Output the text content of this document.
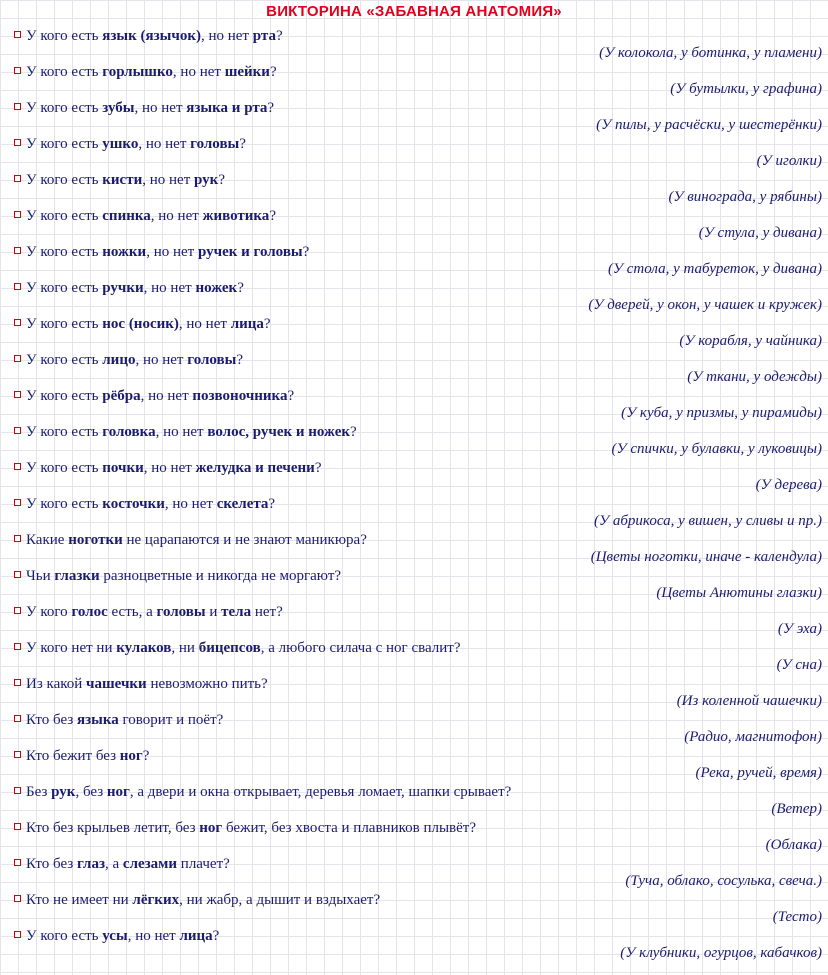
ВИКТОРИНА «ЗАБАВНАЯ АНАТОМИЯ»
У кого есть язык (язычок), но нет рта?
(У колокола, у ботинка, у пламени)
У кого есть горлышко, но нет шейки?
(У бутылки, у графина)
У кого есть зубы, но нет языка и рта?
(У пилы, у расчёски, у шестерёнки)
У кого есть ушко, но нет головы?
(У иголки)
У кого есть кисти, но нет рук?
(У винограда, у рябины)
У кого есть спинка, но нет животика?
(У стула, у дивана)
У кого есть ножки, но нет ручек и головы?
(У стола, у табуреток, у дивана)
У кого есть ручки, но нет ножек?
(У дверей, у окон, у чашек и кружек)
У кого есть нос (носик), но нет лица?
(У корабля, у чайника)
У кого есть лицо, но нет головы?
(У ткани, у одежды)
У кого есть рёбра, но нет позвоночника?
(У куба, у призмы, у пирамиды)
У кого есть головка, но нет волос, ручек и ножек?
(У спички, у булавки, у луковицы)
У кого есть почки, но нет желудка и печени?
(У дерева)
У кого есть косточки, но нет скелета?
(У абрикоса, у вишен, у сливы и пр.)
Какие ноготки не царапаются и не знают маникюра?
(Цветы ноготки, иначе - календула)
Чьи глазки разноцветные и никогда не моргают?
(Цветы Анютины глазки)
У кого голос есть, а головы и тела нет?
(У эха)
У кого нет ни кулаков, ни бицепсов, а любого силача с ног свалит?
(У сна)
Из какой чашечки невозможно пить?
(Из коленной чашечки)
Кто без языка говорит и поёт?
(Радио, магнитофон)
Кто бежит без ног?
(Река, ручей, время)
Без рук, без ног, а двери и окна открывает, деревья ломает, шапки срывает?
(Ветер)
Кто без крыльев летит, без ног бежит, без хвоста и плавников плывёт?
(Облака)
Кто без глаз, а слезами плачет?
(Туча, облако, сосулька, свеча.)
Кто не имеет ни лёгких, ни жабр, а дышит и вздыхает?
(Тесто)
У кого есть усы, но нет лица?
(У клубники, огурцов, кабачков)
